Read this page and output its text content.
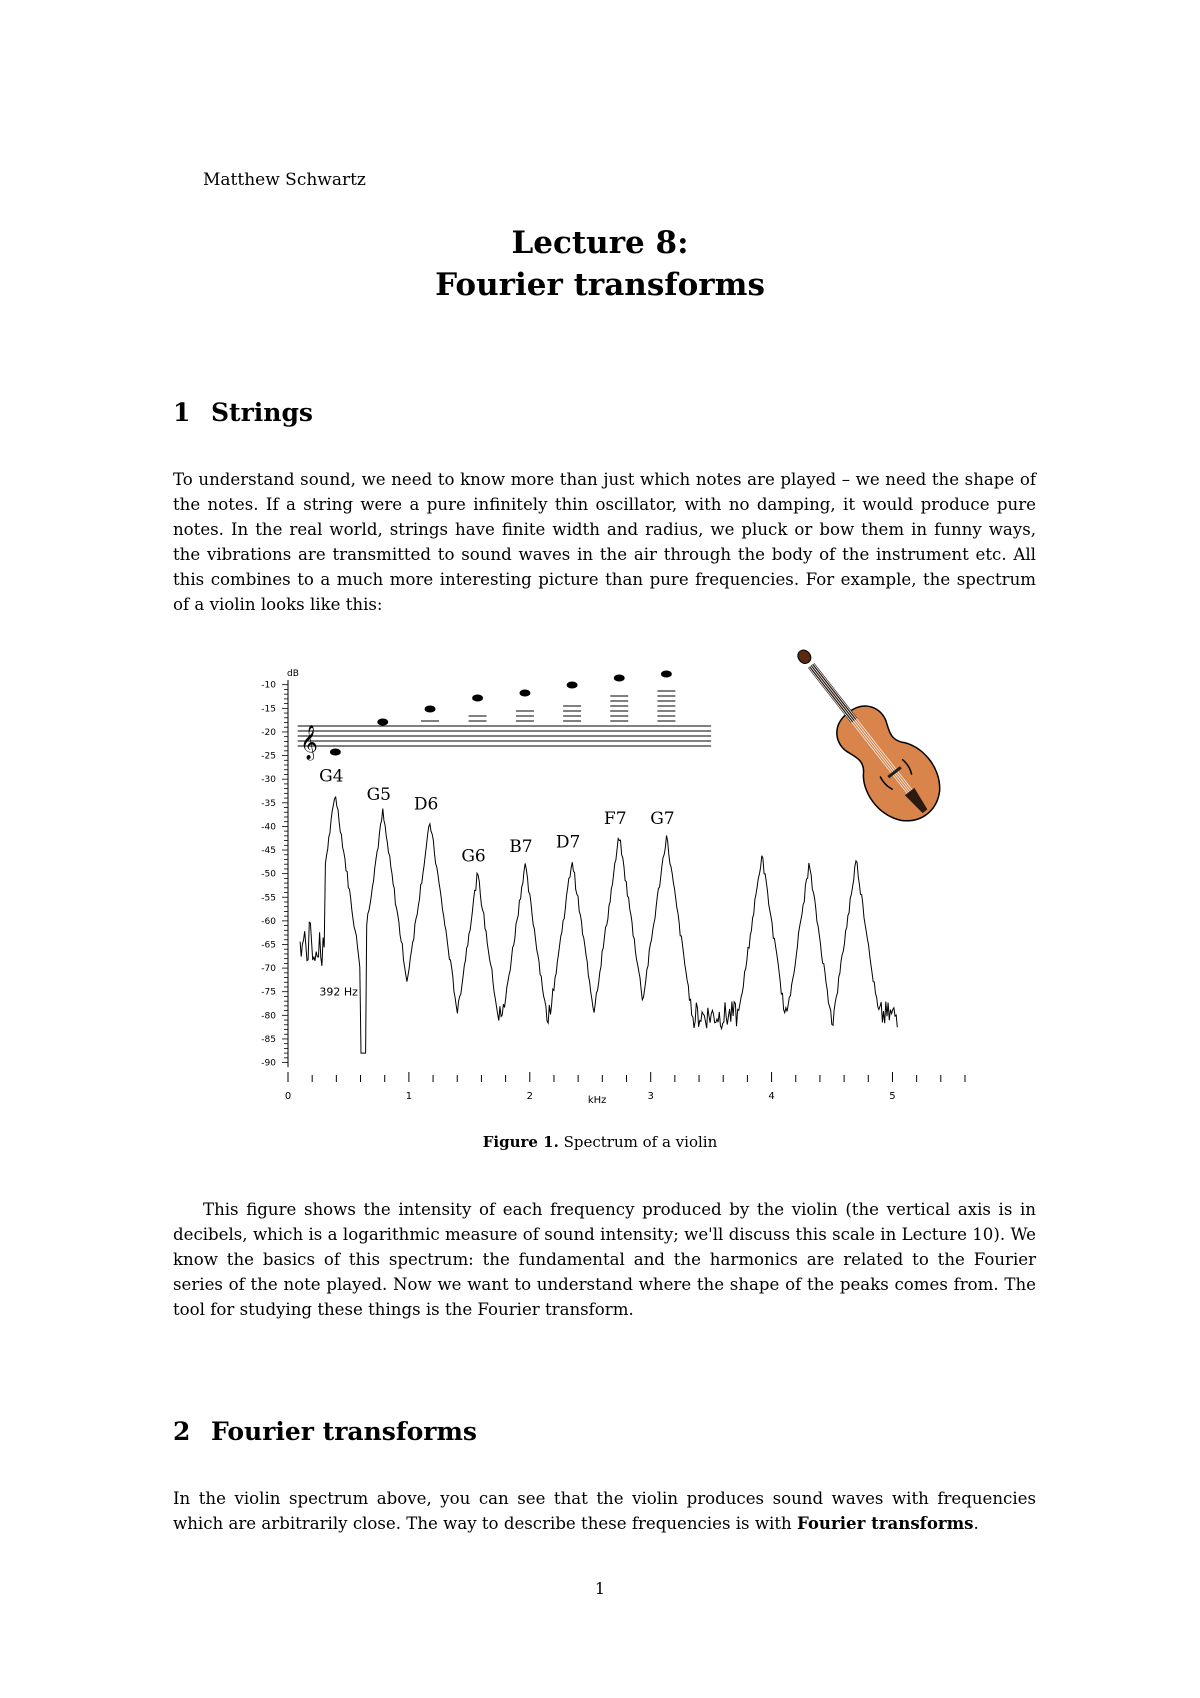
Matthew Schwartz
Lecture 8:
Fourier transforms
1 Strings

To understand sound, we need to know more than just which notes are played – we need the shape of the notes. If a string were a pure infinitely thin oscillator, with no damping, it would produce pure notes. In the real world, strings have finite width and radius, we pluck or bow them in funny ways, the vibrations are transmitted to sound waves in the air through the body of the instrument etc. All this combines to a much more interesting picture than pure frequencies. For example, the spectrum of a violin looks like this:

-10
-15
-20
-25
-30
-35
-40
-45
-50
-55
-60
-65
-70
-75
-80
-85
-90
0	1	2	3	4	5
𝄞
G4
G5 D6
G6 B7 D7
F7 G7
392 Hz
dB
kHz
Figure 1. Spectrum of a violin

This figure shows the intensity of each frequency produced by the violin (the vertical axis is in decibels, which is a logarithmic measure of sound intensity; we'll discuss this scale in Lecture 10). We know the basics of this spectrum: the fundamental and the harmonics are related to the Fourier series of the note played. Now we want to understand where the shape of the peaks comes from. The tool for studying these things is the Fourier transform.

2 Fourier transforms

In the violin spectrum above, you can see that the violin produces sound waves with frequencies which are arbitrarily close. The way to describe these frequencies is with Fourier transforms.

1
